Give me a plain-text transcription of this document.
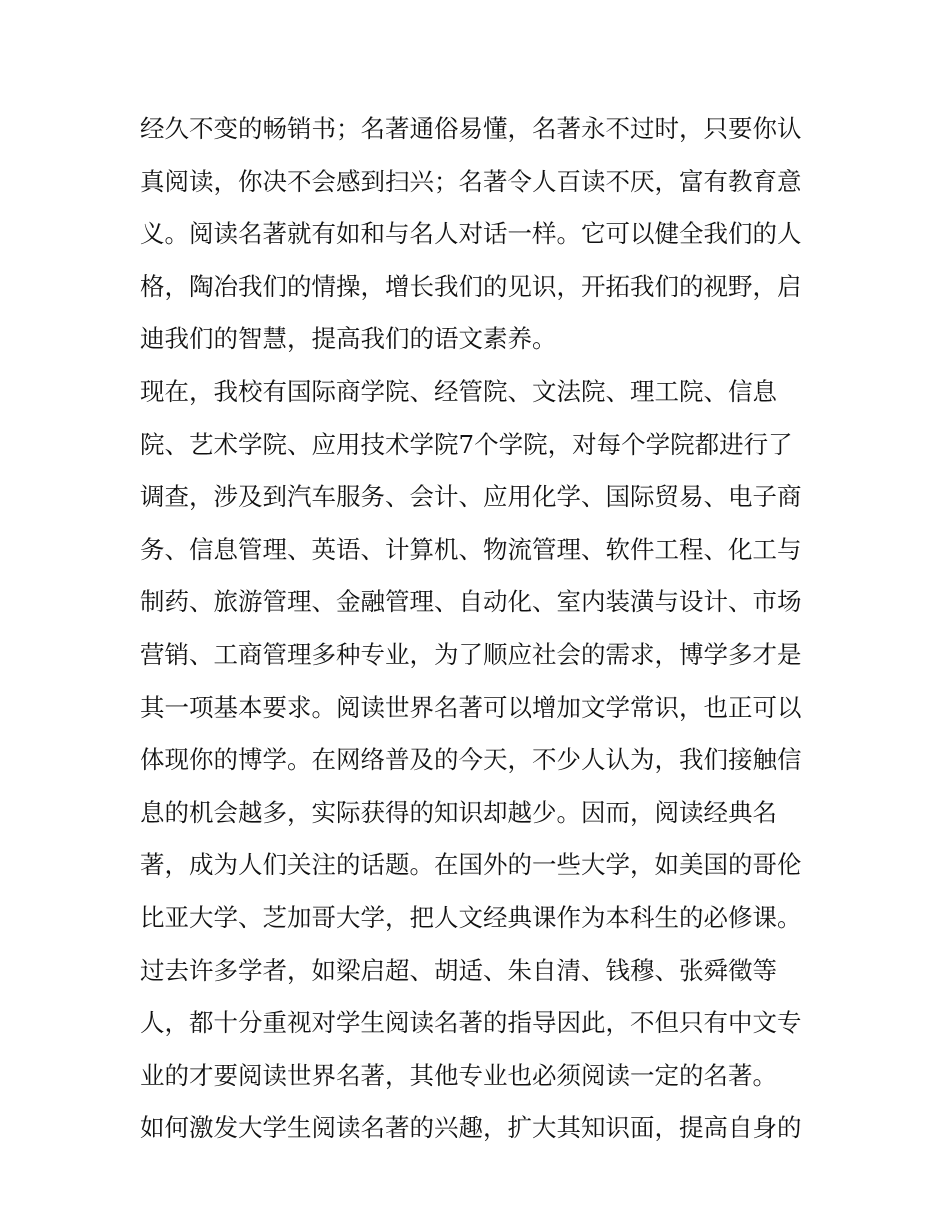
经久不变的畅销书；名著通俗易懂，名著永不过时，只要你认

真阅读，你决不会感到扫兴；名著令人百读不厌，富有教育意

义。阅读名著就有如和与名人对话一样。它可以健全我们的人

格，陶冶我们的情操，增长我们的见识，开拓我们的视野，启

迪我们的智慧，提高我们的语文素养。

现在，我校有国际商学院、经管院、文法院、理工院、信息

院、艺术学院、应用技术学院7个学院，对每个学院都进行了

调查，涉及到汽车服务、会计、应用化学、国际贸易、电子商

务、信息管理、英语、计算机、物流管理、软件工程、化工与

制药、旅游管理、金融管理、自动化、室内装潢与设计、市场

营销、工商管理多种专业，为了顺应社会的需求，博学多才是

其一项基本要求。阅读世界名著可以增加文学常识，也正可以

体现你的博学。在网络普及的今天，不少人认为，我们接触信

息的机会越多，实际获得的知识却越少。因而，阅读经典名

著，成为人们关注的话题。在国外的一些大学，如美国的哥伦

比亚大学、芝加哥大学，把人文经典课作为本科生的必修课。

过去许多学者，如梁启超、胡适、朱自清、钱穆、张舜徵等

人，都十分重视对学生阅读名著的指导因此，不但只有中文专

业的才要阅读世界名著，其他专业也必须阅读一定的名著。

如何激发大学生阅读名著的兴趣，扩大其知识面，提高自身的
